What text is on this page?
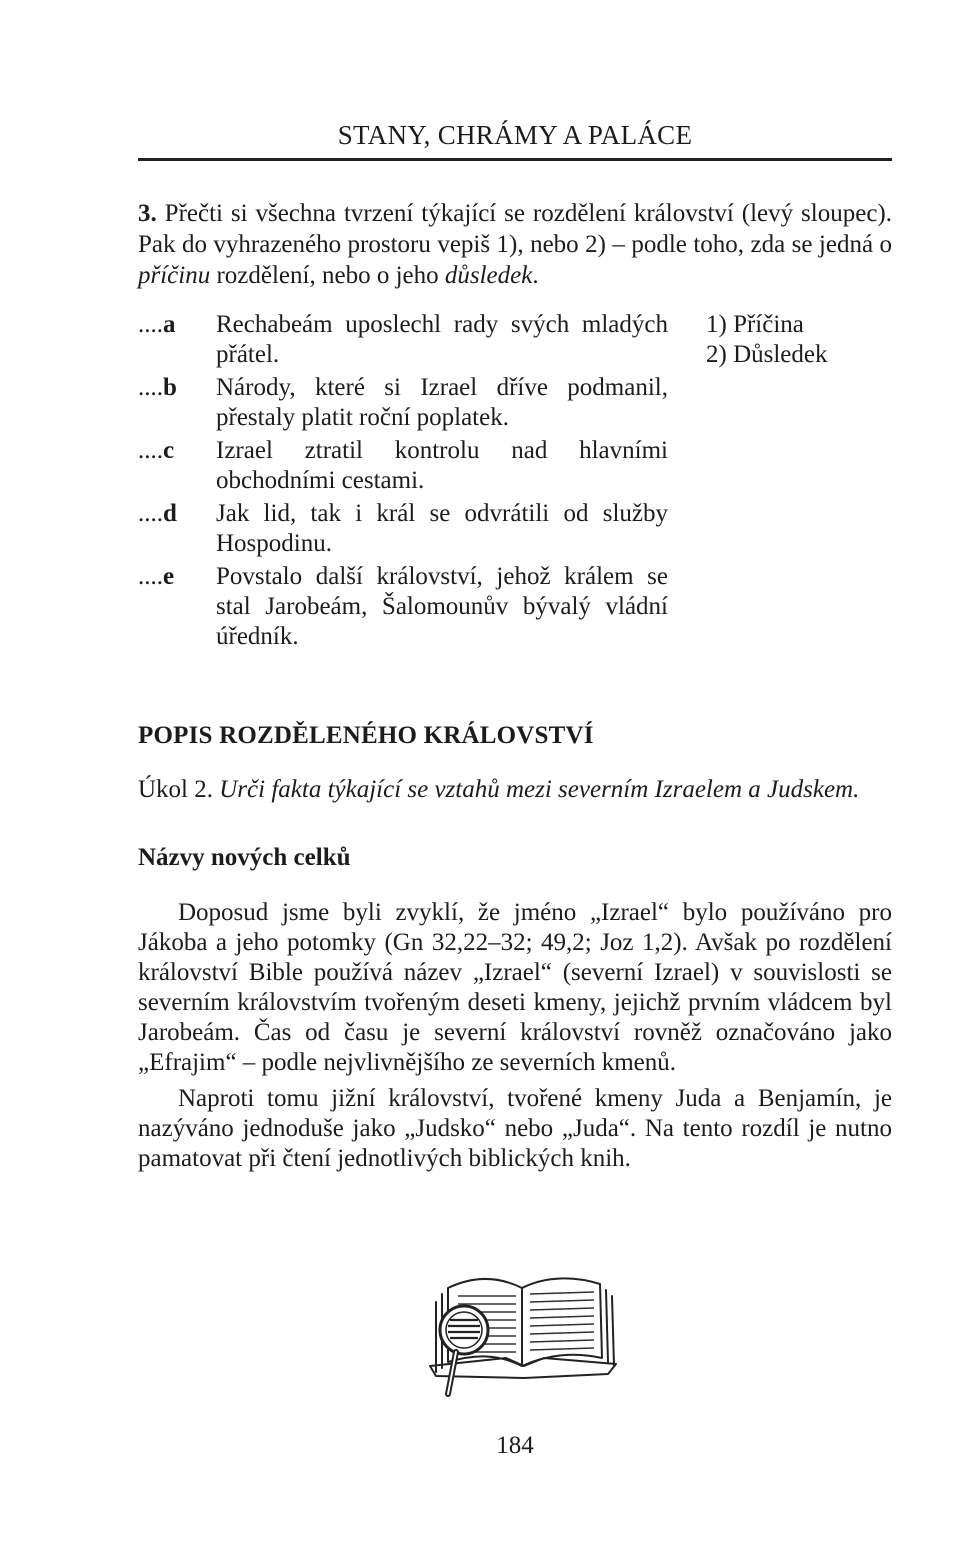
STANY, CHRÁMY A PALÁCE
3. Přečti si všechna tvrzení týkající se rozdělení království (levý sloupec). Pak do vyhrazeného prostoru vepiš 1), nebo 2) – podle toho, zda se jedná o příčinu rozdělení, nebo o jeho důsledek.
....a	Rechabeám uposlechl rady svých mladých přátel.
....b	Národy, které si Izrael dříve podmanil, přestaly platit roční poplatek.
....c	Izrael ztratil kontrolu nad hlavními obchodními cestami.
....d	Jak lid, tak i král se odvrátili od služby Hospodinu.
....e	Povstalo další království, jehož králem se stal Jarobeám, Šalomounův bývalý vládní úředník.
1) Příčina
2) Důsledek
POPIS ROZDĚLENÉHO KRÁLOVSTVÍ
Úkol 2. Urči fakta týkající se vztahů mezi severním Izraelem a Judskem.
Názvy nových celků

Doposud jsme byli zvyklí, že jméno „Izrael“ bylo používáno pro Jákoba a jeho potomky (Gn 32,22–32; 49,2; Joz 1,2). Avšak po rozdělení království Bible používá název „Izrael“ (severní Izrael) v souvislosti se severním královstvím tvořeným deseti kmeny, jejichž prvním vládcem byl Jarobeám. Čas od času je severní království rovněž označováno jako „Efrajim“ – podle nejvlivnějšího ze severních kmenů.

Naproti tomu jižní království, tvořené kmeny Juda a Benjamín, je nazýváno jednoduše jako „Judsko“ nebo „Juda“. Na tento rozdíl je nutno pamatovat při čtení jednotlivých biblických knih.

184
